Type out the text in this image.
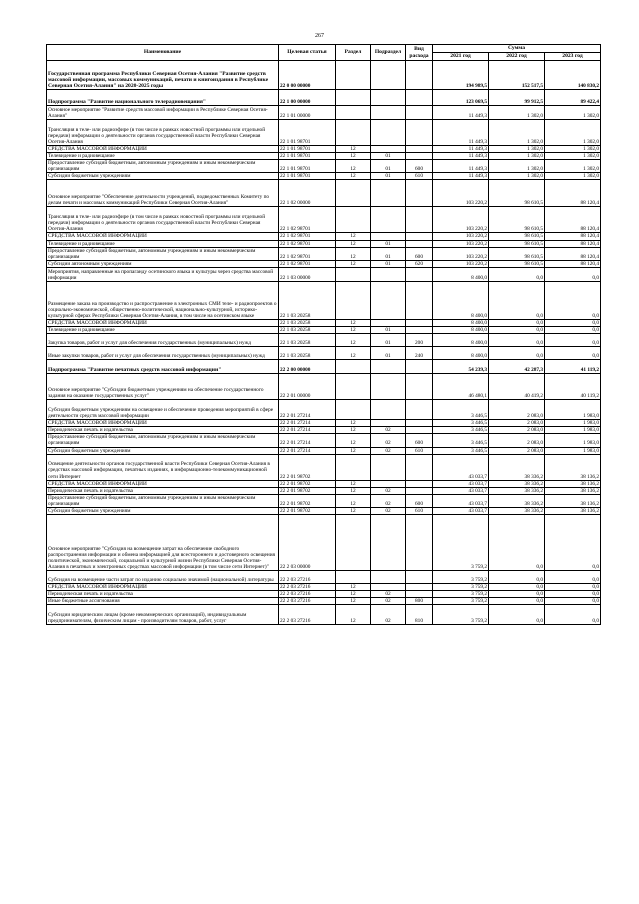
267
Наименование	Целевая статья	Раздел	Подраздел	Вид расхода	Сумма		
					2021 год	2022 год	2023 год
Государственная программа Республики Северная Осетия-Алания "Развитие средств массовой информации, массовых коммуникаций, печати и книгоиздания в Республике Северная Осетия-Алания" на 2020-2025 годы	22 0 00 00000				194 989,5	152 517,5	140 830,2
Подпрограмма "Развитие национального телерадиовещания"	22 1 00 00000				123 069,5	99 912,5	89 422,4
Основное мероприятие "Развитие средств массовой информации в Республике Северная Осетия-Алания"	22 1 01 00000				11 449,3	1 302,0	1 302,0
Трансляция в теле- или радиоэфире (в том числе в рамках новостной программы или отдельной передачи) информации о деятельности органов государственной власти Республики Северная Осетия-Алания	22 1 01 98701				11 449,3	1 302,0	1 302,0
СРЕДСТВА МАССОВОЙ ИНФОРМАЦИИ	22 1 01 98701	12			11 449,3	1 302,0	1 302,0
Телевидение и радиовещание	22 1 01 98701	12	01		11 449,3	1 302,0	1 302,0
Предоставление субсидий бюджетным, автономным учреждениям и иным некоммерческим организациям	22 1 01 98701	12	01	600	11 449,3	1 302,0	1 302,0
Субсидии бюджетным учреждениям	22 1 01 98701	12	01	610	11 449,3	1 302,0	1 302,0
Основное мероприятие "Обеспечение деятельности учреждений, подведомственных Комитету по делам печати и массовых коммуникаций Республики Северная Осетия-Алания"	22 1 02 00000				103 220,2	98 610,5	88 120,4
Трансляция в теле- или радиоэфире (в том числе в рамках новостной программы или отдельной передачи) информации о деятельности органов государственной власти Республики Северная Осетия-Алания	22 1 02 98701				103 220,2	98 610,5	88 120,4
СРЕДСТВА МАССОВОЙ ИНФОРМАЦИИ	22 1 02 98701	12			103 220,2	98 610,5	88 120,4
Телевидение и радиовещание	22 1 02 98701	12	01		103 220,2	98 610,5	88 120,4
Предоставление субсидий бюджетным, автономным учреждениям и иным некоммерческим организациям	22 1 02 98701	12	01	600	103 220,2	98 610,5	88 120,4
Субсидии автономным учреждениям	22 1 02 98701	12	01	620	103 220,2	98 610,5	88 120,4
Мероприятия, направленные на пропаганду осетинского языка и культуры через средства массовой информации	22 1 03 00000				8 400,0	0,0	0,0
Размещение заказа на производство и распространение в электронных СМИ теле- и радиопроектов о социально-экономической, общественно-политической, национально-культурной, историко-культурной сферах Республики Северная Осетия-Алания, в том числе на осетинском языке	22 1 03 20258				8 400,0	0,0	0,0
СРЕДСТВА МАССОВОЙ ИНФОРМАЦИИ	22 1 03 20258	12			8 400,0	0,0	0,0
Телевидение и радиовещание	22 1 03 20258	12	01		8 400,0	0,0	0,0
Закупка товаров, работ и услуг для обеспечения государственных (муниципальных) нужд	22 1 03 20258	12	01	200	8 400,0	0,0	0,0
Иные закупки товаров, работ и услуг для обеспечения государственных (муниципальных) нужд	22 1 03 20258	12	01	240	8 400,0	0,0	0,0
Подпрограмма "Развитие печатных средств массовой информации"	22 2 00 00000				54 239,3	42 287,3	41 119,2
Основное мероприятие "Субсидии бюджетным учреждениям на обеспечение государственного задания на оказание государственных услуг"	22 2 01 00000				46 480,1	40 419,2	40 119,2
Субсидии бюджетным учреждениям на освещение и обеспечение проведения мероприятий в сфере деятельности средств массовой информации	22 2 01 27214				3 446,5	2 083,0	1 983,0
СРЕДСТВА МАССОВОЙ ИНФОРМАЦИИ	22 2 01 27214	12			3 446,5	2 083,0	1 983,0
Периодическая печать и издательства	22 2 01 27214	12	02		3 446,5	2 083,0	1 983,0
Предоставление субсидий бюджетным, автономным учреждениям и иным некоммерческим организациям	22 2 01 27214	12	02	600	3 446,5	2 083,0	1 983,0
Субсидии бюджетным учреждениям	22 2 01 27214	12	02	610	3 446,5	2 083,0	1 983,0
Освещение деятельности органов государственной власти Республики Северная Осетия-Алания в средствах массовой информации, печатных изданиях, в информационно-телекоммуникационной сети Интернет	22 2 01 98702				43 033,7	38 336,2	38 136,2
СРЕДСТВА МАССОВОЙ ИНФОРМАЦИИ	22 2 01 98702	12			43 033,7	38 336,2	38 136,2
Периодическая печать и издательства	22 2 01 98702	12	02		43 033,7	38 336,2	38 136,2
Предоставление субсидий бюджетным, автономным учреждениям и иным некоммерческим организациям	22 2 01 98702	12	02	600	43 033,7	38 336,2	38 136,2
Субсидии бюджетным учреждениям	22 2 01 98702	12	02	610	43 033,7	38 336,2	38 136,2
Основное мероприятие "Субсидия на возмещение затрат на обеспечение свободного распространения информации и обмена информацией для всестороннего и достоверного освещения политической, экономической, социальной и культурной жизни Республики Северная Осетия-Алания в печатных и электронных средствах массовой информации (в том числе сети Интернет)"	22 2 03 00000				3 759,2	0,0	0,0
Субсидия на возмещение части затрат по изданию социально значимой (национальной) литературы	22 2 03 27216				3 759,2	0,0	0,0
СРЕДСТВА МАССОВОЙ ИНФОРМАЦИИ	22 2 03 27216	12			3 759,2	0,0	0,0
Периодическая печать и издательства	22 2 03 27216	12	02		3 759,2	0,0	0,0
Иные бюджетные ассигнования	22 2 03 27216	12	02	800	3 759,2	0,0	0,0
Субсидии юридическим лицам (кроме некоммерческих организаций), индивидуальным предпринимателям, физическим лицам - производителям товаров, работ, услуг	22 2 03 27216	12	02	810	3 759,2	0,0	0,0
